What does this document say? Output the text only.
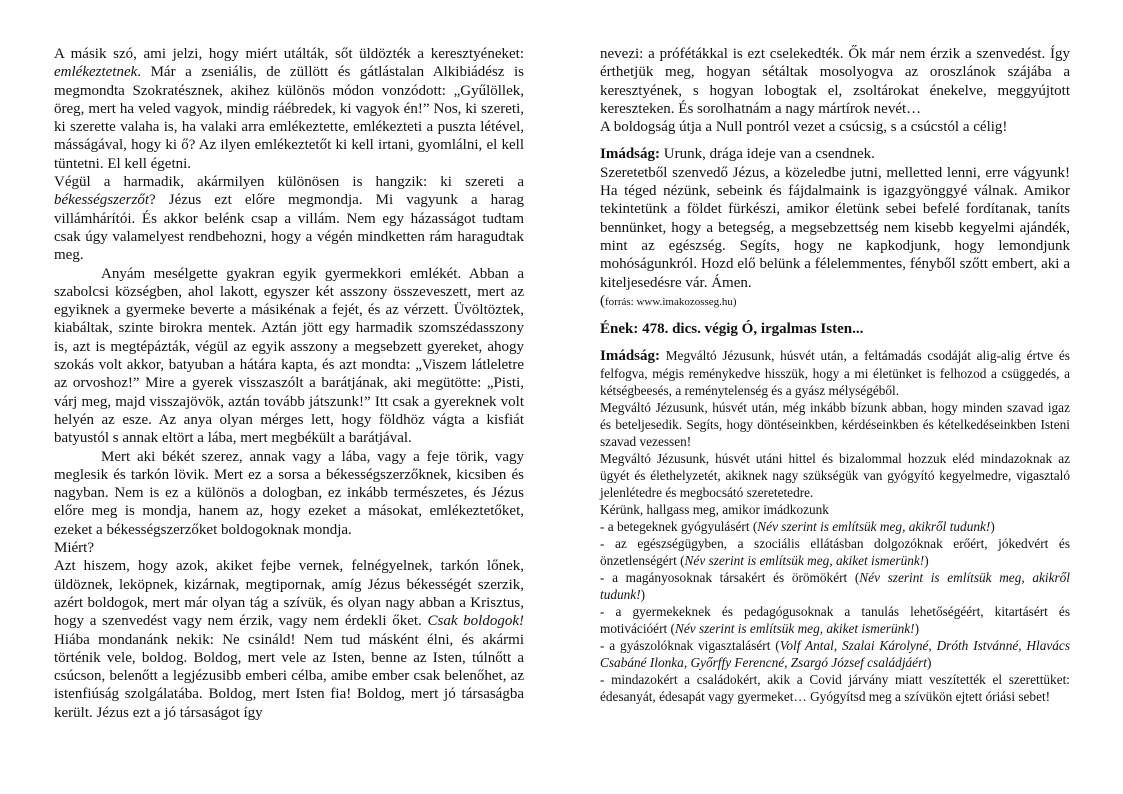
A másik szó, ami jelzi, hogy miért utálták, sőt üldözték a keresztyéneket: emlékeztetnek. Már a zseniális, de züllött és gátlástalan Alkibiádész is megmondta Szokratésznek, akihez különös módon vonzódott: „Gyűlöllek, öreg, mert ha veled vagyok, mindig ráébredek, ki vagyok én!” Nos, ki szereti, ki szerette valaha is, ha valaki arra emlékeztette, emlékezteti a puszta létével, másságával, hogy ki ő? Az ilyen emlékeztetőt ki kell irtani, gyomlálni, el kell tüntetni. El kell égetni.

Végül a harmadik, akármilyen különösen is hangzik: ki szereti a békességszerzőt? Jézus ezt előre megmondja. Mi vagyunk a harag villámhárítói. És akkor belénk csap a villám. Nem egy házasságot tudtam csak úgy valamelyest rendbehozni, hogy a végén mindketten rám haragudtak meg.

Anyám mesélgette gyakran egyik gyermekkori emlékét. Abban a szabolcsi községben, ahol lakott, egyszer két asszony összeveszett, mert az egyiknek a gyermeke beverte a másikénak a fejét, és az vérzett. Üvöltöztek, kiabáltak, szinte birokra mentek. Aztán jött egy harmadik szomszédasszony is, azt is megtépázták, végül az egyik asszony a megsebzett gyereket, ahogy szokás volt akkor, batyuban a hátára kapta, és azt mondta: „Viszem látleletre az orvoshoz!” Mire a gyerek visszaszólt a barátjának, aki megütötte: „Pisti, várj meg, majd visszajövök, aztán tovább játszunk!” Itt csak a gyereknek volt helyén az esze. Az anya olyan mérges lett, hogy földhöz vágta a kisfiát batyustól s annak eltört a lába, mert megbékült a barátjával.

Mert aki békét szerez, annak vagy a lába, vagy a feje törik, vagy meglesik és tarkón lövik. Mert ez a sorsa a békességszerzőknek, kicsiben és nagyban. Nem is ez a különös a dologban, ez inkább természetes, és Jézus előre meg is mondja, hanem az, hogy ezeket a másokat, emlékeztetőket, ezeket a békességszerzőket boldogoknak mondja.

Miért?

Azt hiszem, hogy azok, akiket fejbe vernek, felnégyelnek, tarkón lőnek, üldöznek, leköpnek, kizárnak, megtipornak, amíg Jézus békességét szerzik, azért boldogok, mert már olyan tág a szívük, és olyan nagy abban a Krisztus, hogy a szenvedést vagy nem érzik, vagy nem érdekli őket. Csak boldogok! Hiába mondanánk nekik: Ne csináld! Nem tud másként élni, és akármi történik vele, boldog. Boldog, mert vele az Isten, benne az Isten, túlnőtt a csúcson, belenőtt a legjézusibb emberi célba, amibe ember csak belenőhet, az istenfiúság szolgálatába. Boldog, mert Isten fia! Boldog, mert jó társaságba került. Jézus ezt a jó társaságot így

nevezi: a prófétákkal is ezt cselekedték. Ők már nem érzik a szenvedést. Így érthetjük meg, hogyan sétáltak mosolyogva az oroszlánok szájába a keresztyének, s hogyan lobogtak el, zsoltárokat énekelve, meggyújtott kereszteken. És sorolhatnám a nagy mártírok nevét…

A boldogság útja a Null pontról vezet a csúcsig, s a csúcstól a célig!

Imádság: Urunk, drága ideje van a csendnek.

Szeretetből szenvedő Jézus, a közeledbe jutni, melletted lenni, erre vágyunk! Ha téged nézünk, sebeink és fájdalmaink is igazgyönggyé válnak. Amikor tekintetünk a földet fürkészi, amikor életünk sebei befelé fordítanak, taníts bennünket, hogy a betegség, a megsebzettség nem kisebb kegyelmi ajándék, mint az egészség. Segíts, hogy ne kapkodjunk, hogy lemondjunk mohóságunkról. Hozd elő belünk a félelemmentes, fényből szőtt embert, aki a kiteljesedésre vár. Ámen.

(forrás: www.imakozosseg.hu)

Ének: 478. dics. végig Ó, irgalmas Isten...

Imádság: Megváltó Jézusunk, húsvét után, a feltámadás csodáját alig-alig értve és felfogva, mégis reménykedve hisszük, hogy a mi életünket is felhozod a csüggedés, a kétségbeesés, a reménytelenség és a gyász mélységéből.

Megváltó Jézusunk, húsvét után, még inkább bízunk abban, hogy minden szavad igaz és beteljesedik. Segíts, hogy döntéseinkben, kérdéseinkben és kételkedéseinkben Isteni szavad vezessen!

Megváltó Jézusunk, húsvét utáni hittel és bizalommal hozzuk eléd mindazoknak az ügyét és élethelyzetét, akiknek nagy szükségük van gyógyító kegyelmedre, vigasztaló jelenlétedre és megbocsátó szeretetedre.

Kérünk, hallgass meg, amikor imádkozunk

- a betegeknek gyógyulásért (Név szerint is említsük meg, akikről tudunk!)

- az egészségügyben, a szociális ellátásban dolgozóknak erőért, jókedvért és önzetlenségért (Név szerint is említsük meg, akiket ismerünk!)

- a magányosoknak társakért és örömökért (Név szerint is említsük meg, akikről tudunk!)

- a gyermekeknek és pedagógusoknak a tanulás lehetőségéért, kitartásért és motivációért (Név szerint is említsük meg, akiket ismerünk!)

- a gyászolóknak vigasztalásért (Volf Antal, Szalai Károlyné, Dróth Istvánné, Hlavács Csabáné Ilonka, Győrffy Ferencné, Zsargó József családjáért)

- mindazokért a családokért, akik a Covid járvány miatt veszítették el szerettüket: édesanyát, édesapát vagy gyermeket… Gyógyítsd meg a szívükön ejtett óriási sebet!
